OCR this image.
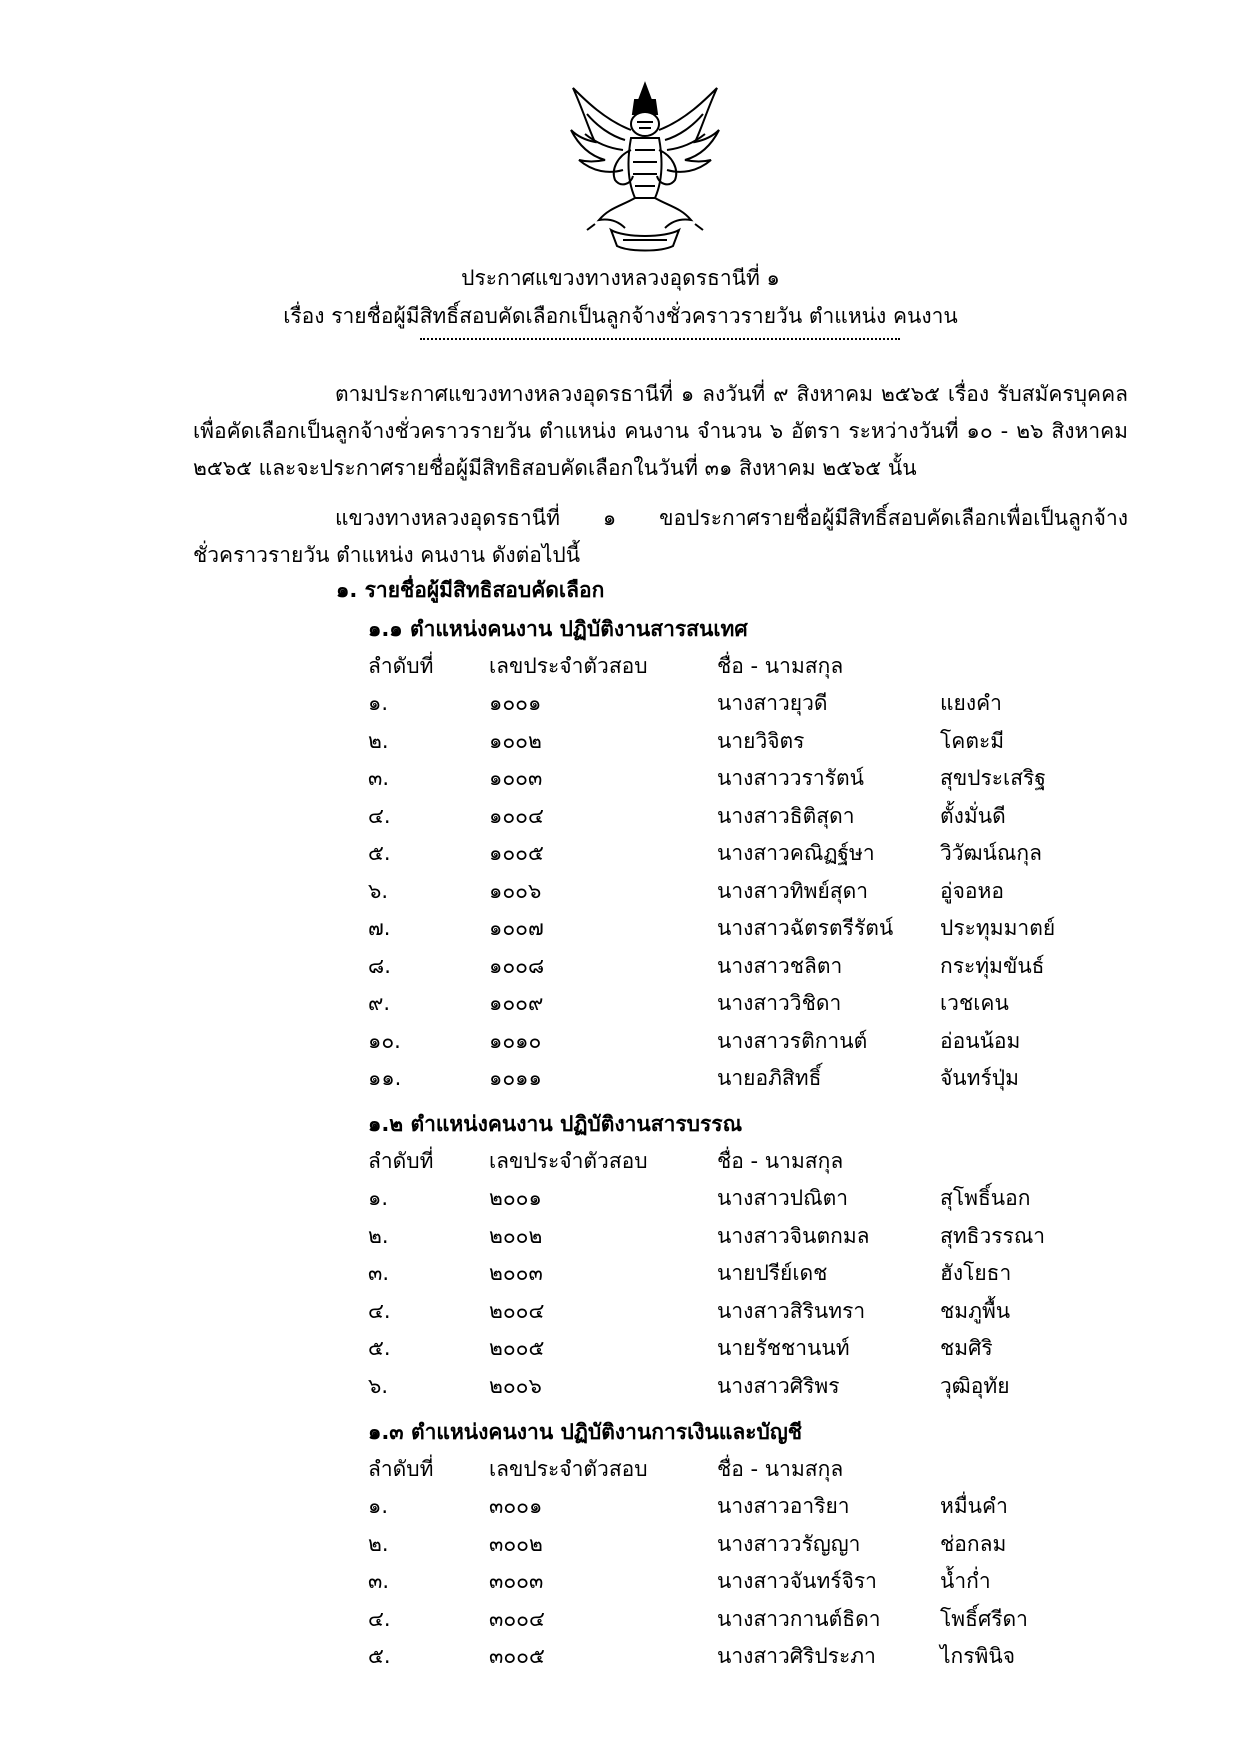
ประกาศแขวงทางหลวงอุดรธานีที่ ๑
เรื่อง รายชื่อผู้มีสิทธิ์สอบคัดเลือกเป็นลูกจ้างชั่วคราวรายวัน ตำแหน่ง คนงาน
ตามประกาศแขวงทางหลวงอุดรธานีที่ ๑ ลงวันที่ ๙ สิงหาคม ๒๕๖๕ เรื่อง รับสมัครบุคคลเพื่อคัดเลือกเป็นลูกจ้างชั่วคราวรายวัน ตำแหน่ง คนงาน จำนวน ๖ อัตรา ระหว่างวันที่ ๑๐ - ๒๖ สิงหาคม ๒๕๖๕ และจะประกาศรายชื่อผู้มีสิทธิสอบคัดเลือกในวันที่ ๓๑ สิงหาคม ๒๕๖๕ นั้น
แขวงทางหลวงอุดรธานีที่ ๑ ขอประกาศรายชื่อผู้มีสิทธิ์สอบคัดเลือกเพื่อเป็นลูกจ้างชั่วคราวรายวัน ตำแหน่ง คนงาน ดังต่อไปนี้
๑. รายชื่อผู้มีสิทธิสอบคัดเลือก
๑.๑ ตำแหน่งคนงาน ปฏิบัติงานสารสนเทศ
ลำดับที่	เลขประจำตัวสอบ	ชื่อ - นามสกุล
๑.	๑๐๐๑	นางสาวยุวดี	แยงคำ
๒.	๑๐๐๒	นายวิจิตร	โคตะมี
๓.	๑๐๐๓	นางสาววรารัตน์	สุขประเสริฐ
๔.	๑๐๐๔	นางสาวธิติสุดา	ตั้งมั่นดี
๕.	๑๐๐๕	นางสาวคณิฏฐ์ษา	วิวัฒน์ณกุล
๖.	๑๐๐๖	นางสาวทิพย์สุดา	อู่จอหอ
๗.	๑๐๐๗	นางสาวฉัตรตรีรัตน์ ประทุมมาตย์
๘.	๑๐๐๘	นางสาวชลิตา	กระทุ่มขันธ์
๙.	๑๐๐๙	นางสาววิชิดา	เวชเคน
๑๐.	๑๐๑๐	นางสาวรติกานต์	อ่อนน้อม
๑๑.	๑๐๑๑	นายอภิสิทธิ์	จันทร์ปุ่ม
๑.๒ ตำแหน่งคนงาน ปฏิบัติงานสารบรรณ
ลำดับที่	เลขประจำตัวสอบ	ชื่อ - นามสกุล
๑.	๒๐๐๑	นางสาวปณิตา	สุโพธิ์นอก
๒.	๒๐๐๒	นางสาวจินตกมล	สุทธิวรรณา
๓.	๒๐๐๓	นายปรีย์เดช	ฮังโยธา
๔.	๒๐๐๔	นางสาวสิรินทรา	ชมภูพื้น
๕.	๒๐๐๕	นายรัชชานนท์	ชมศิริ
๖.	๒๐๐๖	นางสาวศิริพร	วุฒิอุทัย
๑.๓ ตำแหน่งคนงาน ปฏิบัติงานการเงินและบัญชี
ลำดับที่	เลขประจำตัวสอบ	ชื่อ - นามสกุล
๑.	๓๐๐๑	นางสาวอาริยา	หมื่นคำ
๒.	๓๐๐๒	นางสาววรัญญา	ช่อกลม
๓.	๓๐๐๓	นางสาวจันทร์จิรา	น้ำก่ำ
๔.	๓๐๐๔	นางสาวกานต์ธิดา	โพธิ์ศรีดา
๕.	๓๐๐๕	นางสาวศิริประภา	ไกรพินิจ
